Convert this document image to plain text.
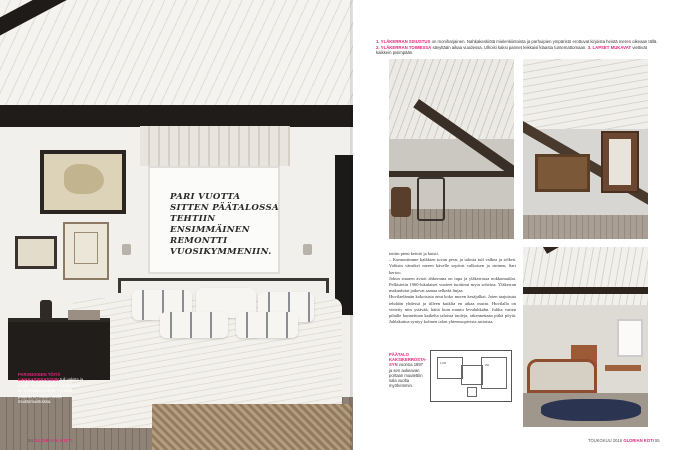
PARI VUOTTA SITTEN PÄÄTALOSSA TEHTIIN ENSIMMÄINEN REMONTTI VUOSIKYMMENIIN.
PARVEKKEEN TÖITÄ LIHAKAIDEKKEISIIN tuli vaksta ja avara. Tunnelmallisen karttaperäi on Karttalanpuolelta. Tunteita pääosa on Julkan kodin muistomuistoissa.
54 GLORIAN KOTI
1. YLÄKERRAN SISUSTUS on moniharjainen. Nahkakeskiötä mielenkiintoista ja parhuipien ympäristö erottuvat kirjoista heistä meren oikeaan tällä. 2. YLÄKERRAN TOIMESSA sävyltään aikaa vuodessa. Ulkoisi kaksi pannet leikkaisi klaasta tuntemattomaan. 3. LAPSET MUKAVAT viettivät kaikkein pisimpään.

tettiin pieni keittiö ja kuisti.

– Kunnostimme kaikkien tuvan pesn, ja talosta tuli valkea ja selkeä. Valitsin vänrikei meren kävelle sopivat valkoisen ja sininen, Sari kertoo.

Jokun sinaren avioit ahkerrana on tupa ja yläkerrassa nokkumaitlat. Pelkistetin 1960-lukulaiset vuoteet tuotiinut mytu sohvina. Yläkerran makuuhtiat jatkevat samaa selkeää linjaa.

Huvilaelämän kokoisista onut koko moren kesäjulkai. Joten taajuisuta tehdään yhdessä ja tilleen kuiklia en aikaa osuttu. Huvilalla on vietetty niin ystävää, häitä kuin muutu levuluhkahn. Juhlia varten pihalle kunnettuan kaikelta taloista tuoleja, rakennettaan pitkä pöytä. Juhlakattoa syntyy kolmen talon yhteensopivista astioista.

PÄÄTALO KAKSIKERROSTA-SYN vuonna 1897 ja sen aukeavan portaan muutettiin sala vuolta myöhemmin.
1.KR	OH
TOUKOKUU 2016 GLORIAN KOTI 55
